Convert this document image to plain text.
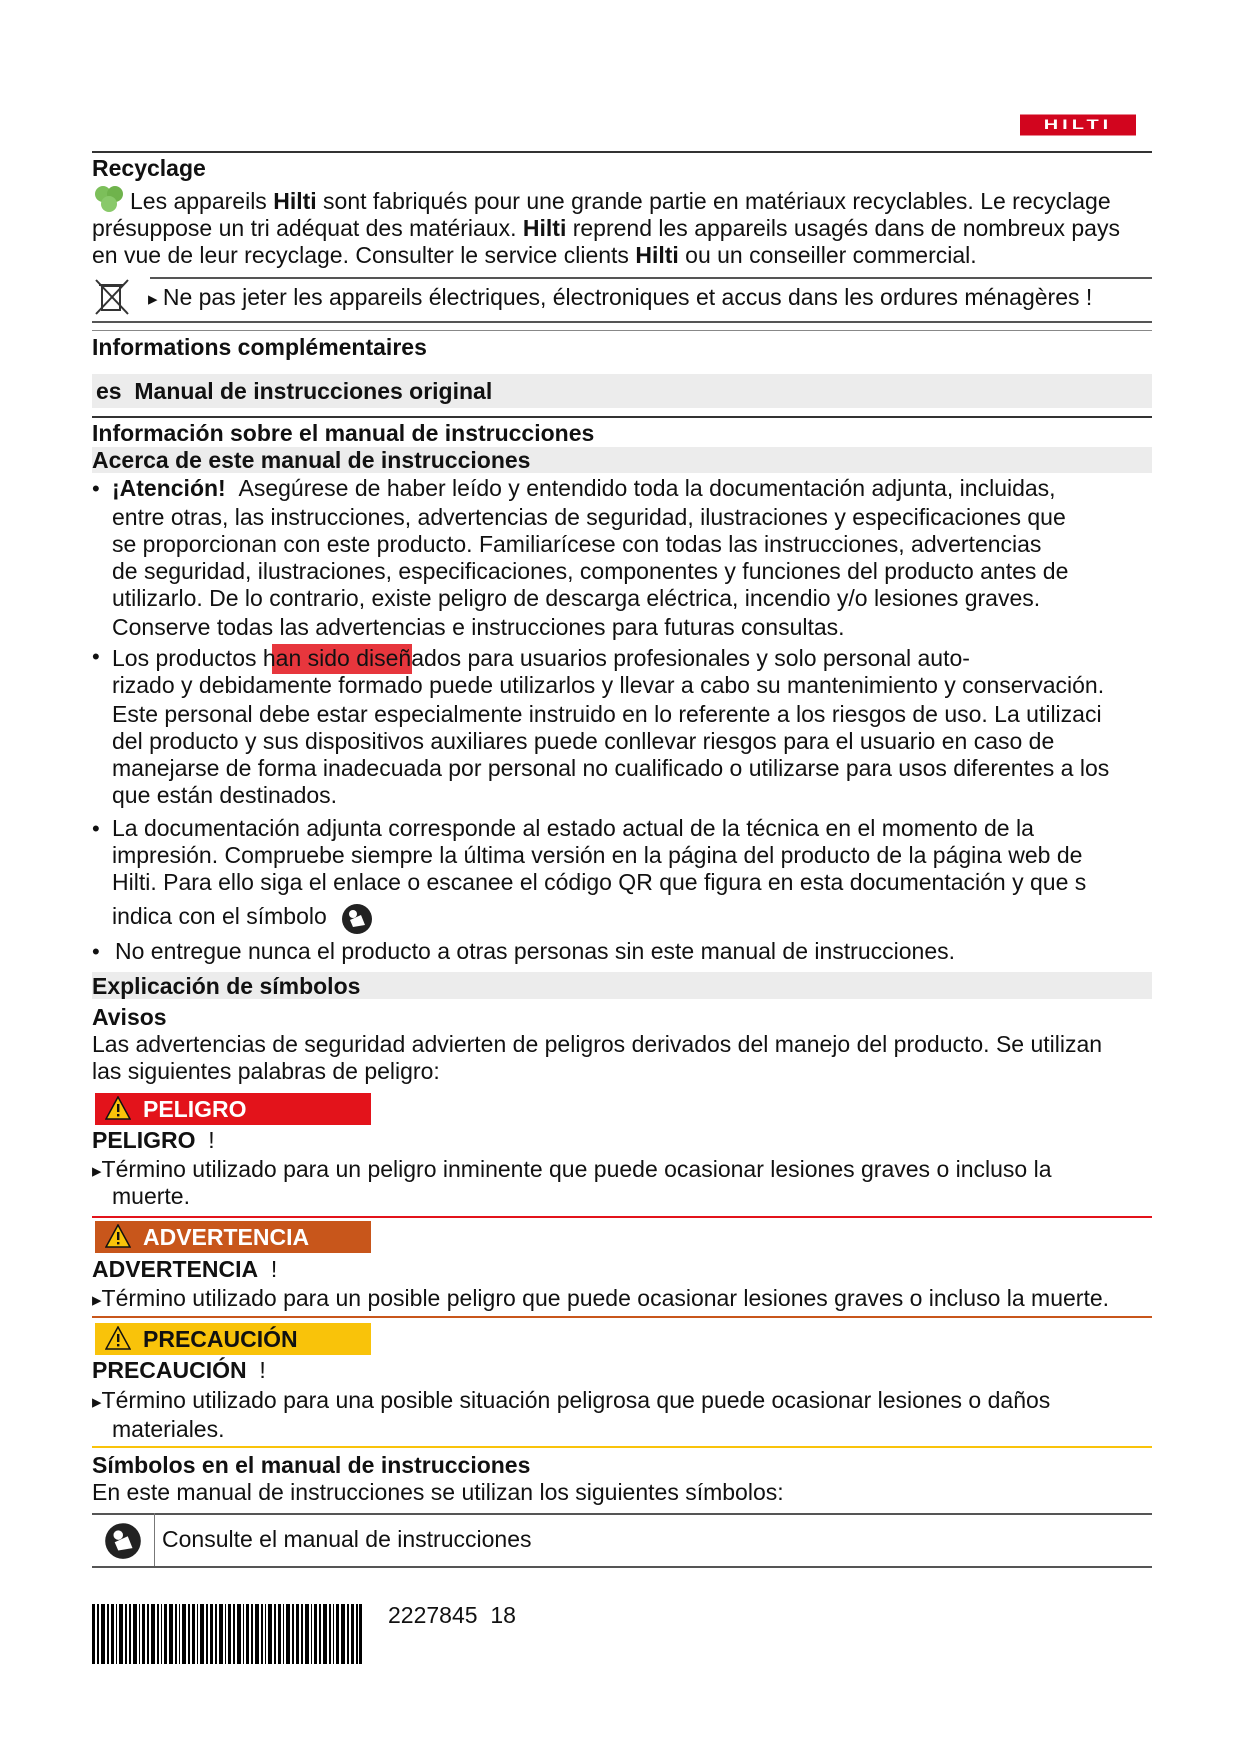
HILTI
Recyclage
Les appareils Hilti sont fabriqués pour une grande partie en matériaux recyclables. Le recyclage
présuppose un tri adéquat des matériaux. Hilti reprend les appareils usagés dans de nombreux pays
en vue de leur recyclage. Consulter le service clients Hilti ou un conseiller commercial.
▸ Ne pas jeter les appareils électriques, électroniques et accus dans les ordures ménagères !
Informations complémentaires
es Manual de instrucciones original
Información sobre el manual de instrucciones
Acerca de este manual de instrucciones
• ¡Atención! Asegúrese de haber leído y entendido toda la documentación adjunta, incluidas,
entre otras, las instrucciones, advertencias de seguridad, ilustraciones y especificaciones que
se proporcionan con este producto. Familiarícese con todas las instrucciones, advertencias
de seguridad, ilustraciones, especificaciones, componentes y funciones del producto antes de
utilizarlo. De lo contrario, existe peligro de descarga eléctrica, incendio y/o lesiones graves.
Conserve todas las advertencias e instrucciones para futuras consultas.
• Los productos han sido diseñados para usuarios profesionales y solo personal auto-
rizado y debidamente formado puede utilizarlos y llevar a cabo su mantenimiento y conservación.
Este personal debe estar especialmente instruido en lo referente a los riesgos de uso. La utilizaci
del producto y sus dispositivos auxiliares puede conllevar riesgos para el usuario en caso de
manejarse de forma inadecuada por personal no cualificado o utilizarse para usos diferentes a los
que están destinados.
• La documentación adjunta corresponde al estado actual de la técnica en el momento de la
impresión. Compruebe siempre la última versión en la página del producto de la página web de
Hilti. Para ello siga el enlace o escanee el código QR que figura en esta documentación y que s
indica con el símbolo
• No entregue nunca el producto a otras personas sin este manual de instrucciones.
Explicación de símbolos
Avisos
Las advertencias de seguridad advierten de peligros derivados del manejo del producto. Se utilizan
las siguientes palabras de peligro:
PELIGRO
PELIGRO !
▸Término utilizado para un peligro inminente que puede ocasionar lesiones graves o incluso la
muerte.
ADVERTENCIA
ADVERTENCIA !
▸Término utilizado para un posible peligro que puede ocasionar lesiones graves o incluso la muerte.
PRECAUCIÓN
PRECAUCIÓN !
▸Término utilizado para una posible situación peligrosa que puede ocasionar lesiones o daños
materiales.
Símbolos en el manual de instrucciones
En este manual de instrucciones se utilizan los siguientes símbolos:
Consulte el manual de instrucciones
2227845 18
